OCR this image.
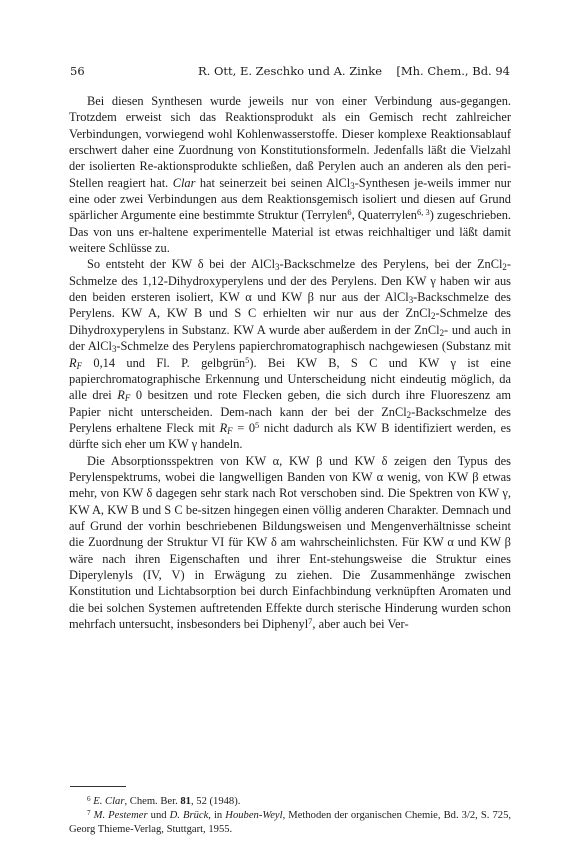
56	R. Ott, E. Zeschko und A. Zinke [Mh. Chem., Bd. 94

Bei diesen Synthesen wurde jeweils nur von einer Verbindung aus-gegangen. Trotzdem erweist sich das Reaktionsprodukt als ein Gemisch recht zahlreicher Verbindungen, vorwiegend wohl Kohlenwasserstoffe. Dieser komplexe Reaktionsablauf erschwert daher eine Zuordnung von Konstitutionsformeln. Jedenfalls läßt die Vielzahl der isolierten Re-aktionsprodukte schließen, daß Perylen auch an anderen als den peri-Stellen reagiert hat. Clar hat seinerzeit bei seinen AlCl$_3$-Synthesen je-weils immer nur eine oder zwei Verbindungen aus dem Reaktionsgemisch isoliert und diesen auf Grund spärlicher Argumente eine bestimmte Struktur (Terrylen$^6$, Quaterrylen$^{6, 3}$) zugeschrieben. Das von uns er-haltene experimentelle Material ist etwas reichhaltiger und läßt damit weitere Schlüsse zu.

So entsteht der KW δ bei der AlCl$_3$-Backschmelze des Perylens, bei der ZnCl$_2$-Schmelze des 1,12-Dihydroxyperylens und der des Perylens. Den KW γ haben wir aus den beiden ersteren isoliert, KW α und KW β nur aus der AlCl$_3$-Backschmelze des Perylens. KW A, KW B und S C erhielten wir nur aus der ZnCl$_2$-Schmelze des Dihydroxyperylens in Substanz. KW A wurde aber außerdem in der ZnCl$_2$- und auch in der AlCl$_3$-Schmelze des Perylens papierchromatographisch nachgewiesen (Substanz mit $R_F$ 0,14 und Fl. P. gelbgrün$^5$). Bei KW B, S C und KW γ ist eine papierchromatographische Erkennung und Unterscheidung nicht eindeutig möglich, da alle drei $R_F$ 0 besitzen und rote Flecken geben, die sich durch ihre Fluoreszenz am Papier nicht unterscheiden. Dem-nach kann der bei der ZnCl$_2$-Backschmelze des Perylens erhaltene Fleck mit $R_F = 0^5$ nicht dadurch als KW B identifiziert werden, es dürfte sich eher um KW γ handeln.

Die Absorptionsspektren von KW α, KW β und KW δ zeigen den Typus des Perylenspektrums, wobei die langwelligen Banden von KW α wenig, von KW β etwas mehr, von KW δ dagegen sehr stark nach Rot verschoben sind. Die Spektren von KW γ, KW A, KW B und S C be-sitzen hingegen einen völlig anderen Charakter. Demnach und auf Grund der vorhin beschriebenen Bildungsweisen und Mengenverhältnisse scheint die Zuordnung der Struktur VI für KW δ am wahrscheinlichsten. Für KW α und KW β wäre nach ihren Eigenschaften und ihrer Ent-stehungsweise die Struktur eines Diperylenyls (IV, V) in Erwägung zu ziehen. Die Zusammenhänge zwischen Konstitution und Lichtabsorption bei durch Einfachbindung verknüpften Aromaten und die bei solchen Systemen auftretenden Effekte durch sterische Hinderung wurden schon mehrfach untersucht, insbesonders bei Diphenyl$^7$, aber auch bei Ver-

$^6$ E. Clar, Chem. Ber. 81, 52 (1948).

$^7$ M. Pestemer und D. Brück, in Houben-Weyl, Methoden der organischen Chemie, Bd. 3/2, S. 725, Georg Thieme-Verlag, Stuttgart, 1955.
